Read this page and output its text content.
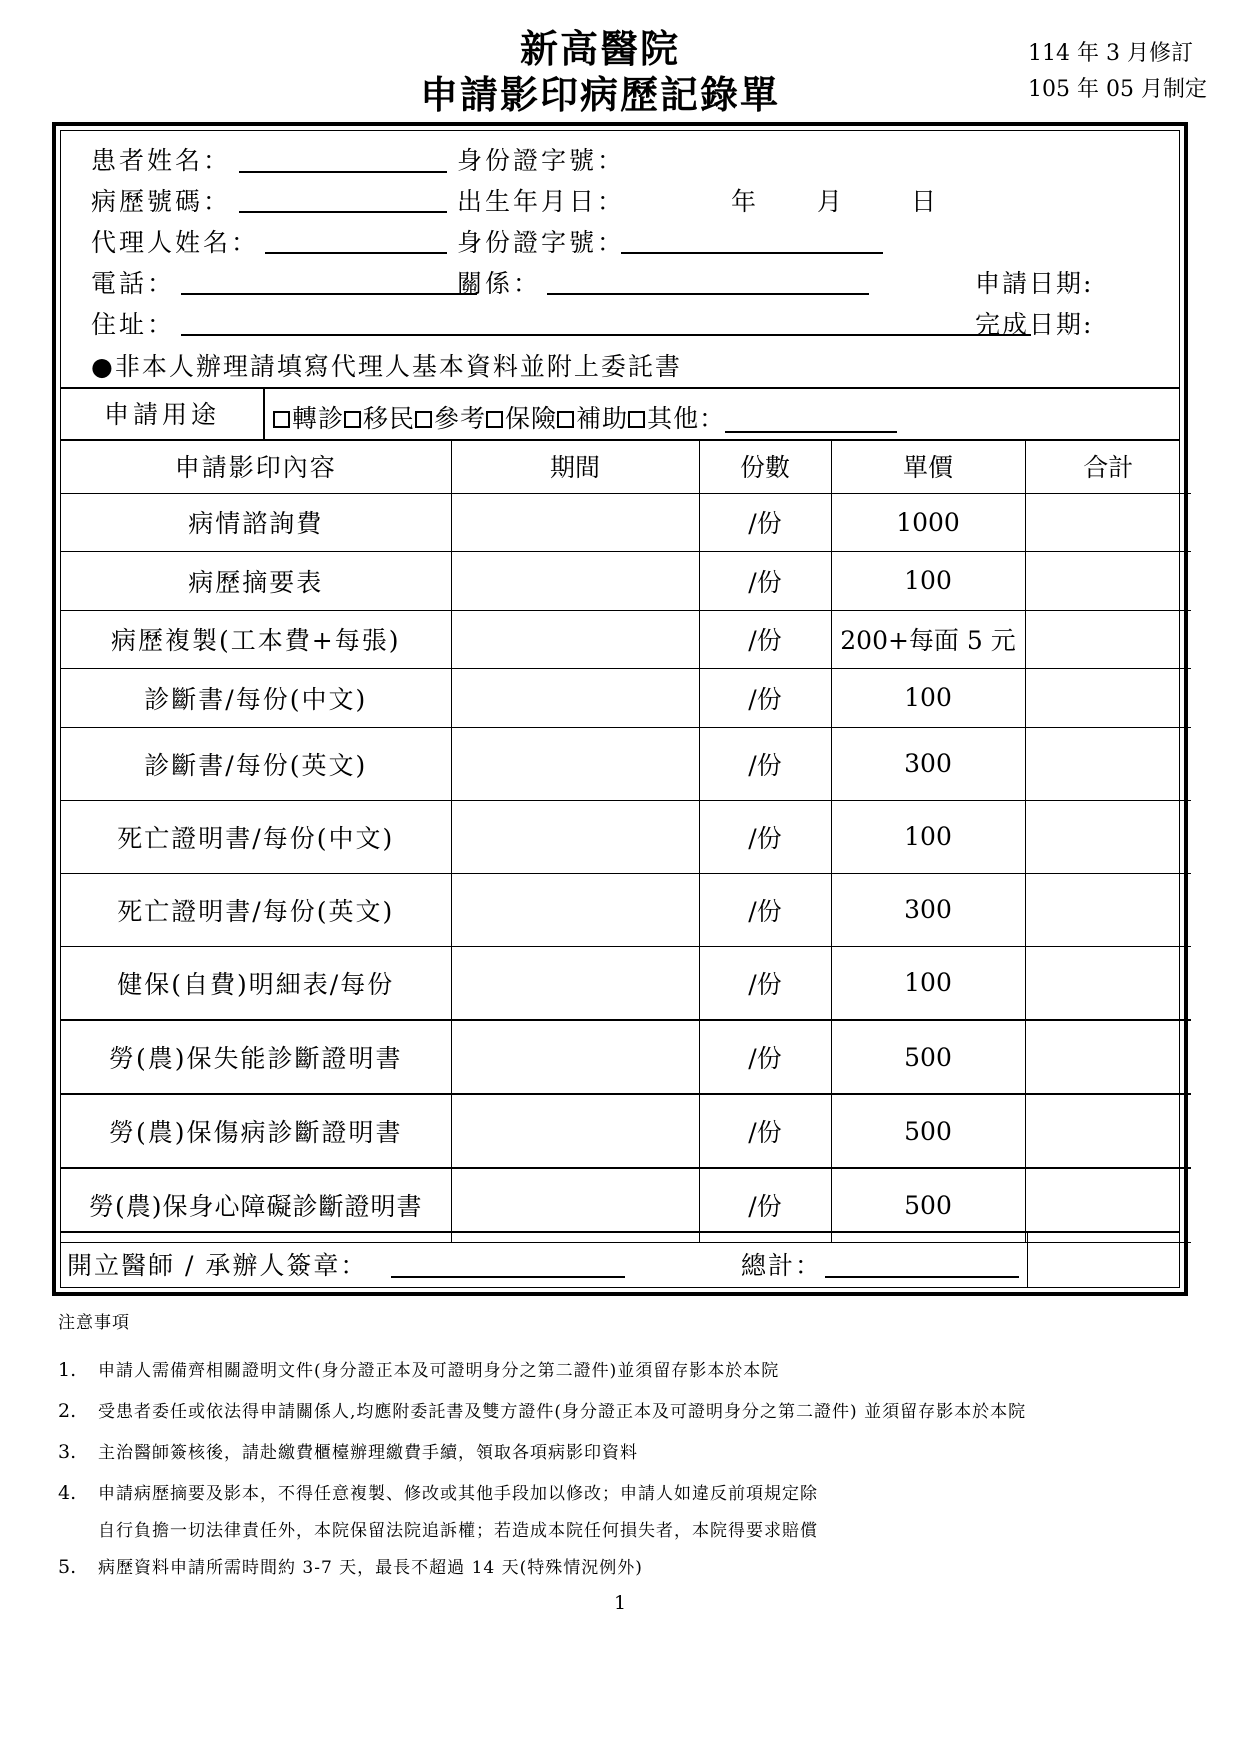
新高醫院
申請影印病歷記錄單
114 年 3 月修訂
105 年 05 月制定
患者姓名：	身份證字號：
病歷號碼：	出生年月日：	年 月	日
代理人姓名：	身份證字號：
電話：	關係：	申請日期:
住址：	完成日期:
●非本人辦理請填寫代理人基本資料並附上委託書
申請用途	轉診 移民 參考 保險 補助 其他：
申請影印內容	期間	份數	單價	合計
病情諮詢費		/份	1000	
病歷摘要表		/份	100	
病歷複製(工本費+每張)		/份	200+每面 5 元	
診斷書/每份(中文)		/份	100	
診斷書/每份(英文)		/份	300	
死亡證明書/每份(中文)		/份	100	
死亡證明書/每份(英文)		/份	300	
健保(自費)明細表/每份		/份	100	
勞(農)保失能診斷證明書		/份	500	
勞(農)保傷病診斷證明書		/份	500	
勞(農)保身心障礙診斷證明書		/份	500	
開立醫師 / 承辦人簽章：	總計：
注意事項
1. 申請人需備齊相關證明文件(身分證正本及可證明身分之第二證件)並須留存影本於本院
2. 受患者委任或依法得申請關係人,均應附委託書及雙方證件(身分證正本及可證明身分之第二證件) 並須留存影本於本院
3. 主治醫師簽核後，請赴繳費櫃檯辦理繳費手續，領取各項病影印資料
4. 申請病歷摘要及影本，不得任意複製、修改或其他手段加以修改；申請人如違反前項規定除
自行負擔一切法律責任外，本院保留法院追訴權；若造成本院任何損失者，本院得要求賠償
5. 病歷資料申請所需時間約 3-7 天，最長不超過 14 天(特殊情況例外)
1
